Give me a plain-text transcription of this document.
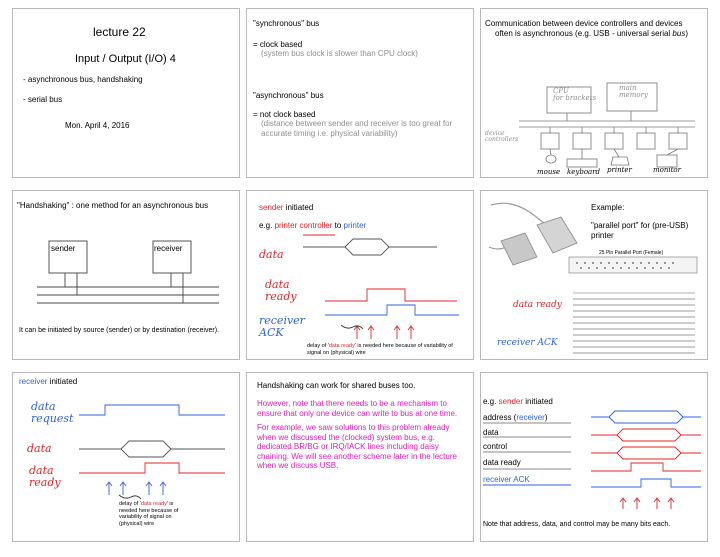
lecture 22
Input / Output (I/O) 4
- asynchronous bus, handshaking
- serial bus
Mon. April 4, 2016
"synchronous" bus
= clock based
(system bus clock is slower than CPU clock)
"asynchronous" bus
= not clock based
(distance between sender and receiver is too great for accurate timing i.e. physical variability)
Communication between device controllers and devices
often is asynchronous (e.g. USB - universal serial bus)
CPU
for brackets
main
memory
device
controllers
mouse keyboard printer	monitor
"Handshaking" : one method for an asynchronous bus
sender	receiver
It can be initiated by source (sender) or by destination (receiver).
sender initiated
e.g. printer controller to printer
data
data
ready
receiver
ACK
delay of 'data ready' is needed here because of variability of signal on (physical) wire
Example:
"parallel port" for (pre-USB) printer
25 Pin Parallel Port (Female)
data ready
receiver ACK
receiver initiated
data
request
data
data
ready
delay of 'data ready' is needed here because of variability of signal on (physical) wire
Handshaking can work for shared buses too.
However, note that there needs to be a mechanism to ensure that only one device can write to bus at one time.
For example, we saw solutions to this problem already when we discussed the (clocked) system bus, e.g. dedicated BR/BG or IRQ/IACK lines including daisy chaining. We will see another scheme later in the lecture when we discuss USB.
e.g. sender initiated
address (receiver)
data
control
data ready
receiver ACK
Note that address, data, and control may be many bits each.
